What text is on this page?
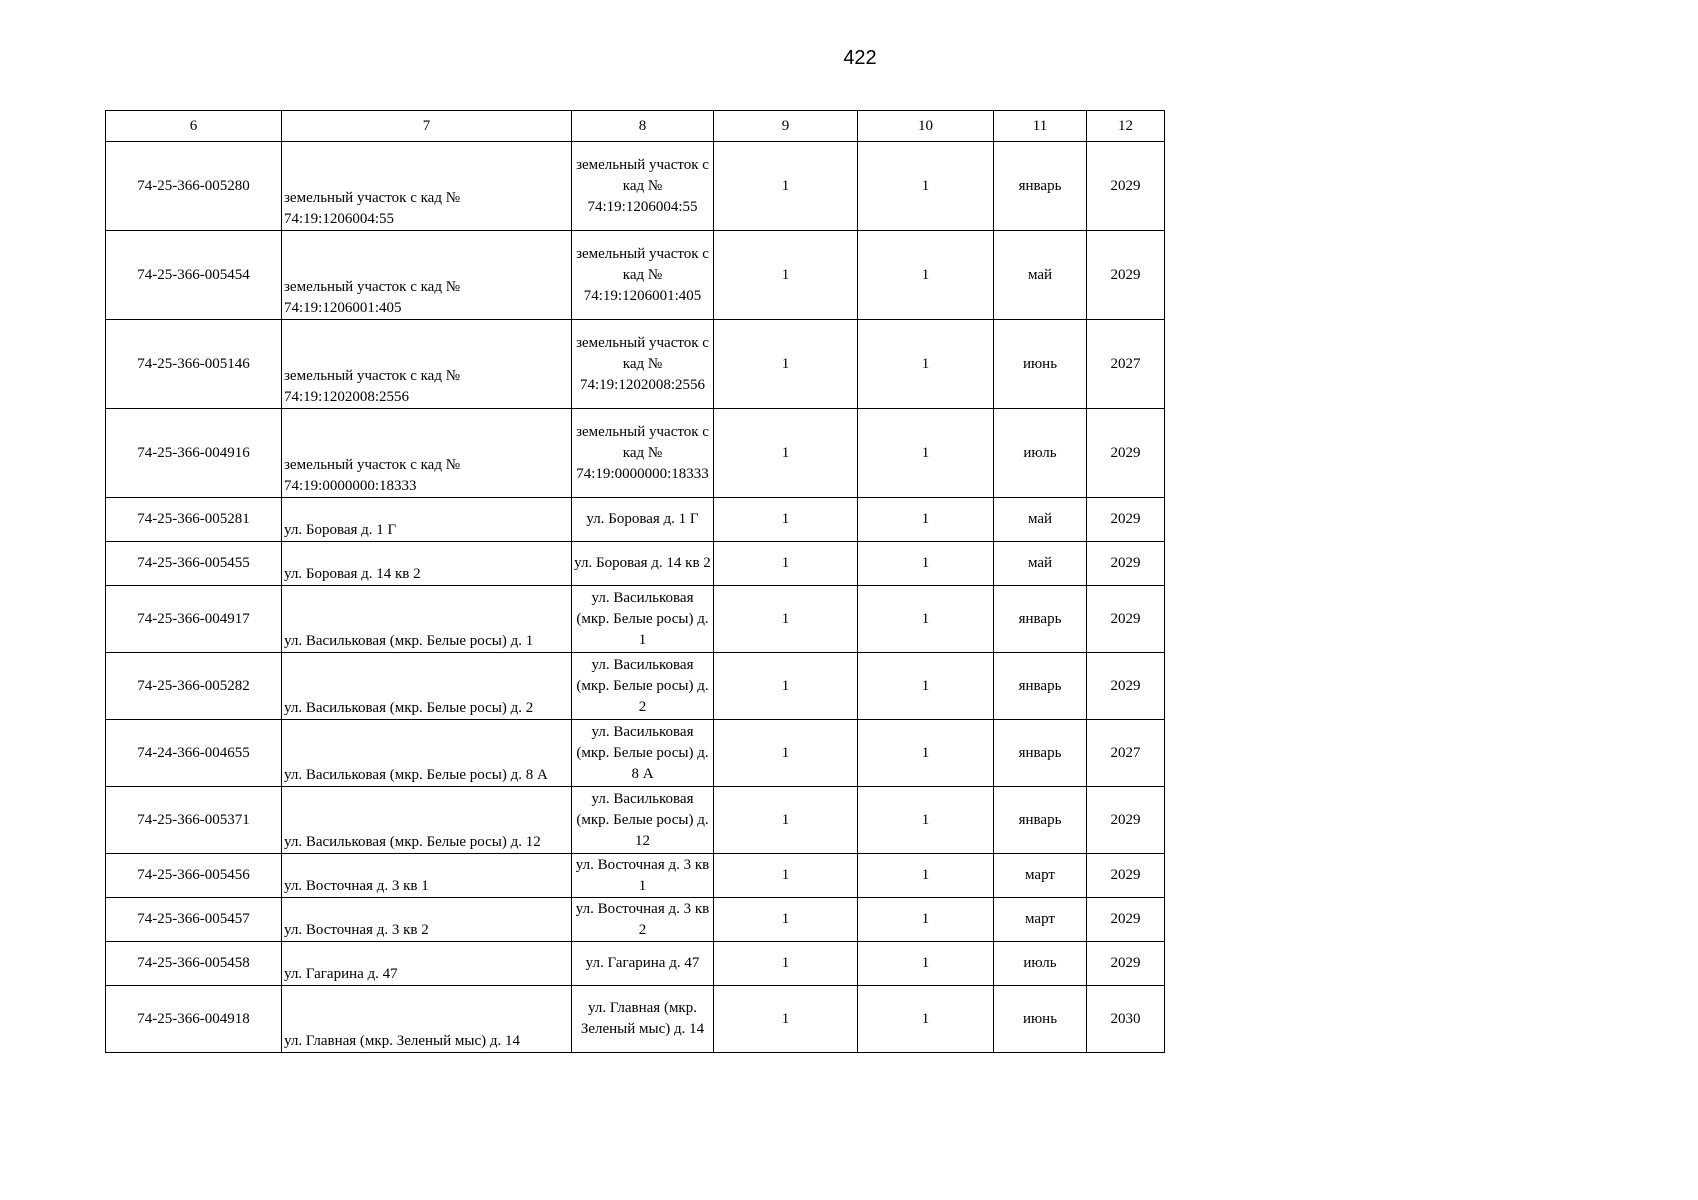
422
6	7	8	9	10	11	12
74-25-366-005280	земельный участок с кад № 74:19:1206004:55	земельный участок с кад № 74:19:1206004:55	1	1	январь	2029
74-25-366-005454	земельный участок с кад № 74:19:1206001:405	земельный участок с кад № 74:19:1206001:405	1	1	май	2029
74-25-366-005146	земельный участок с кад № 74:19:1202008:2556	земельный участок с кад № 74:19:1202008:2556	1	1	июнь	2027
74-25-366-004916	земельный участок с кад № 74:19:0000000:18333	земельный участок с кад № 74:19:0000000:18333	1	1	июль	2029
74-25-366-005281	ул. Боровая д. 1 Г	ул. Боровая д. 1 Г	1	1	май	2029
74-25-366-005455	ул. Боровая д. 14 кв 2	ул. Боровая д. 14 кв 2	1	1	май	2029
74-25-366-004917	ул. Васильковая (мкр. Белые росы) д. 1	ул. Васильковая (мкр. Белые росы) д. 1	1	1	январь	2029
74-25-366-005282	ул. Васильковая (мкр. Белые росы) д. 2	ул. Васильковая (мкр. Белые росы) д. 2	1	1	январь	2029
74-24-366-004655	ул. Васильковая (мкр. Белые росы) д. 8 А	ул. Васильковая (мкр. Белые росы) д. 8 А	1	1	январь	2027
74-25-366-005371	ул. Васильковая (мкр. Белые росы) д. 12	ул. Васильковая (мкр. Белые росы) д. 12	1	1	январь	2029
74-25-366-005456	ул. Восточная д. 3 кв 1	ул. Восточная д. 3 кв 1	1	1	март	2029
74-25-366-005457	ул. Восточная д. 3 кв 2	ул. Восточная д. 3 кв 2	1	1	март	2029
74-25-366-005458	ул. Гагарина д. 47	ул. Гагарина д. 47	1	1	июль	2029
74-25-366-004918	ул. Главная (мкр. Зеленый мыс) д. 14	ул. Главная (мкр. Зеленый мыс) д. 14	1	1	июнь	2030
